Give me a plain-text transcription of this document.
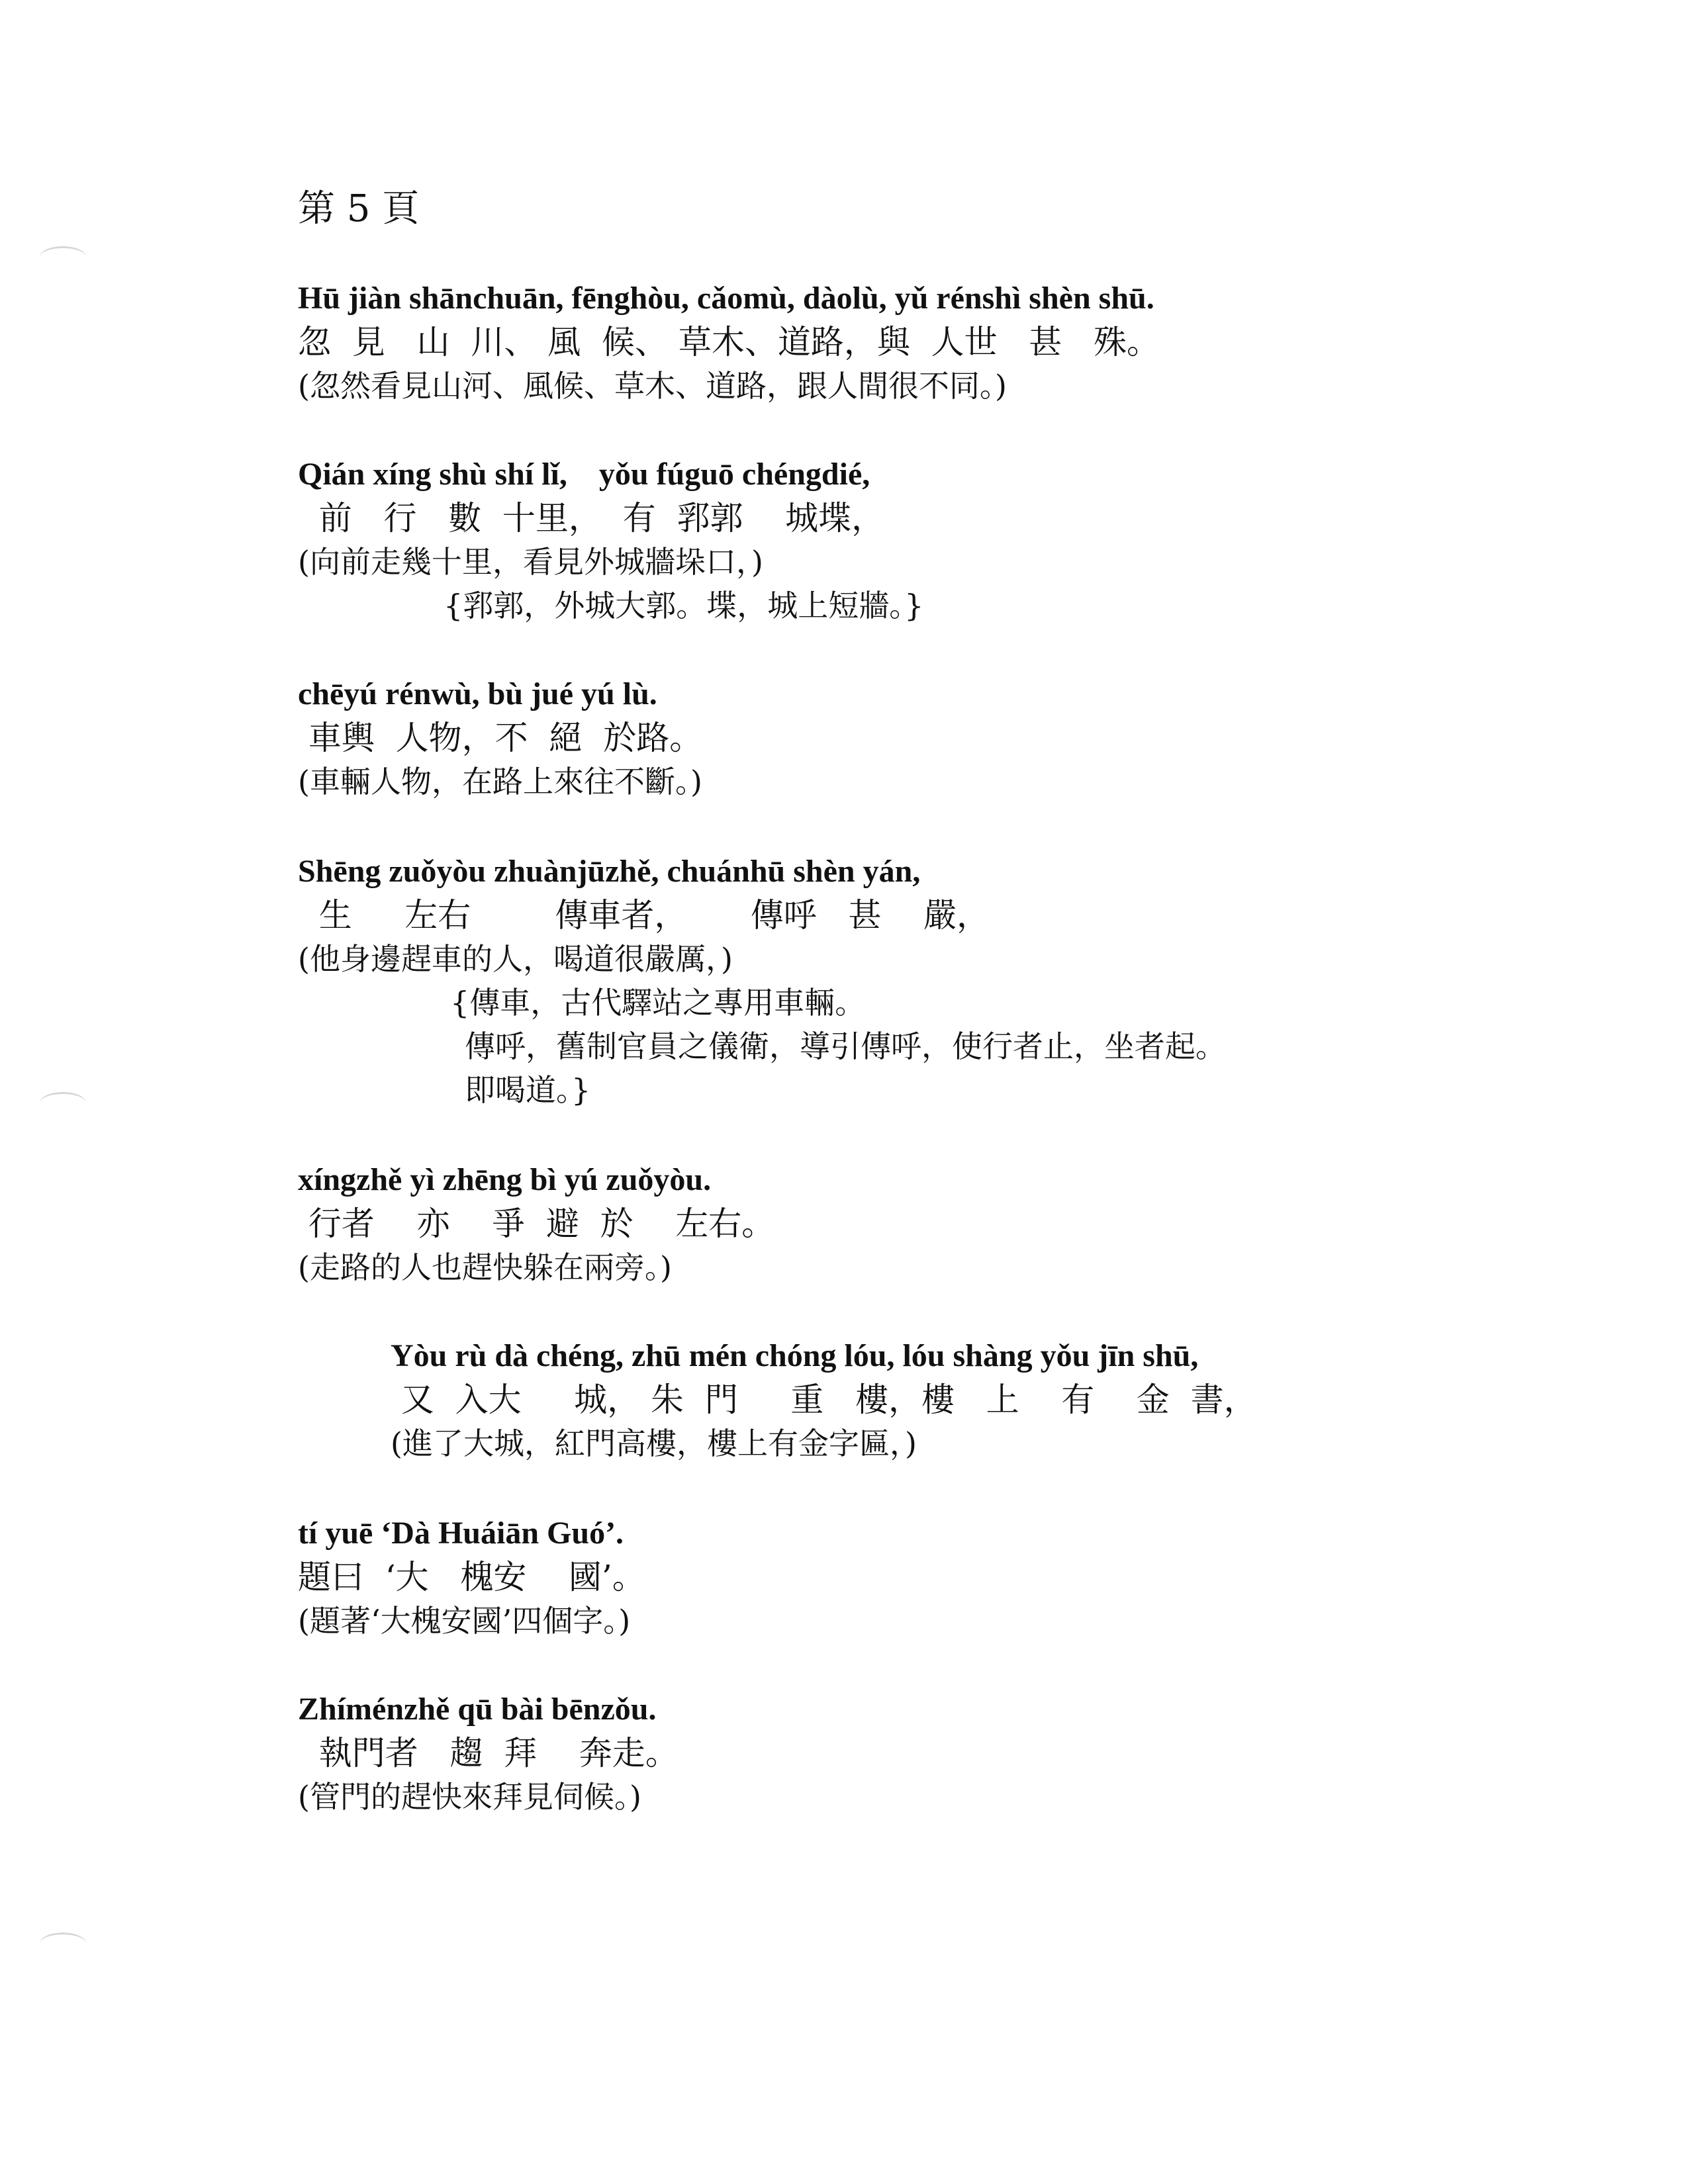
第 5 頁
Hū jiàn shānchuān, fēnghòu, cǎomù, dàolù, yǔ rénshì shèn shū.
忽  見   山  川、 風  候、 草木、道路，與  人世   甚   殊。
(忽然看見山河、風候、草木、道路，跟人間很不同。)
Qián xíng shù shí lǐ,    yǒu fúguō chéngdié,
前   行   數  十里，  有  郛郭    城堞，
(向前走幾十里，看見外城牆垛口，)
{郛郭，外城大郭。堞，城上短牆。}
chēyú rénwù, bù jué yú lù.
車輿  人物，不  絕  於路。
(車輛人物，在路上來往不斷。)
Shēng zuǒyòu zhuànjūzhě, chuánhū shèn yán,
生     左右        傳車者，      傳呼   甚    嚴，
(他身邊趕車的人，喝道很嚴厲，)
{傳車，古代驛站之專用車輛。
傳呼，舊制官員之儀衛，導引傳呼，使行者止，坐者起。
即喝道。}
xíngzhě yì zhēng bì yú zuǒyòu.
行者    亦    爭  避  於    左右。
(走路的人也趕快躲在兩旁。)
Yòu rù dà chéng, zhū mén chóng lóu, lóu shàng yǒu jīn shū,
又  入大     城， 朱  門     重   樓，樓   上    有    金  書，
(進了大城，紅門高樓，樓上有金字匾，)
tí yuē ‘Dà Huáiān Guó’.
題曰  ‘大   槐安    國’。
(題著‘大槐安國’四個字。)
Zhíménzhě qū bài bēnzǒu.
執門者   趨  拜    奔走。
(管門的趕快來拜見伺候。)
